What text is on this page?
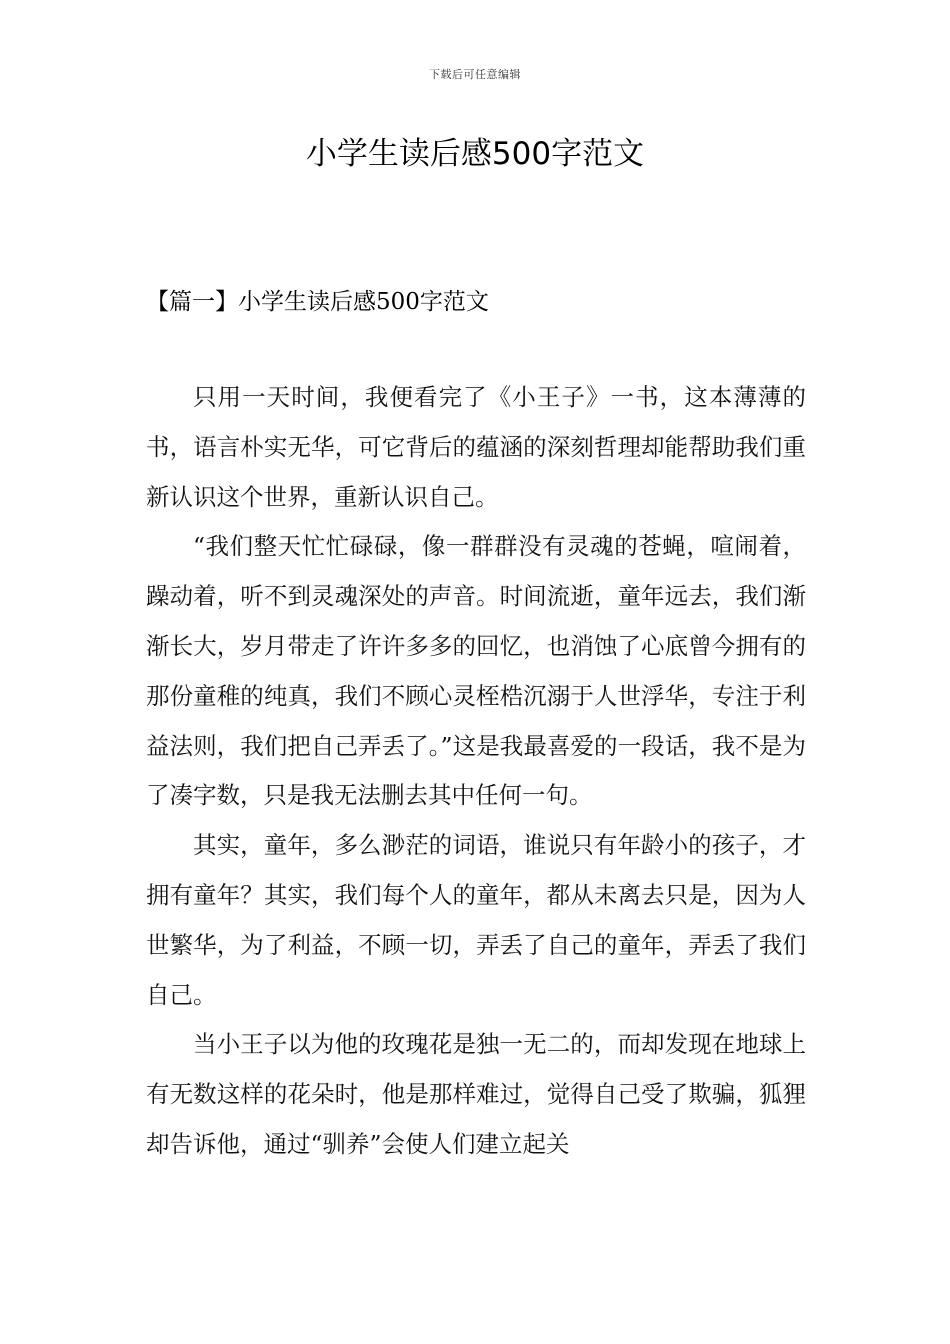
下载后可任意编辑
小学生读后感500字范文
【篇一】小学生读后感500字范文

只用一天时间，我便看完了《小王子》一书，这本薄薄的书，语言朴实无华，可它背后的蕴涵的深刻哲理却能帮助我们重新认识这个世界，重新认识自己。

“我们整天忙忙碌碌，像一群群没有灵魂的苍蝇，喧闹着，躁动着，听不到灵魂深处的声音。时间流逝，童年远去，我们渐渐长大，岁月带走了许许多多的回忆，也消蚀了心底曾今拥有的那份童稚的纯真，我们不顾心灵桎梏沉溺于人世浮华，专注于利益法则，我们把自己弄丢了。”这是我最喜爱的一段话，我不是为了凑字数，只是我无法删去其中任何一句。

其实，童年，多么渺茫的词语，谁说只有年龄小的孩子，才拥有童年？其实，我们每个人的童年，都从未离去只是，因为人世繁华，为了利益，不顾一切，弄丢了自己的童年，弄丢了我们自己。

当小王子以为他的玫瑰花是独一无二的，而却发现在地球上有无数这样的花朵时，他是那样难过，觉得自己受了欺骗，狐狸却告诉他，通过“驯养”会使人们建立起关
